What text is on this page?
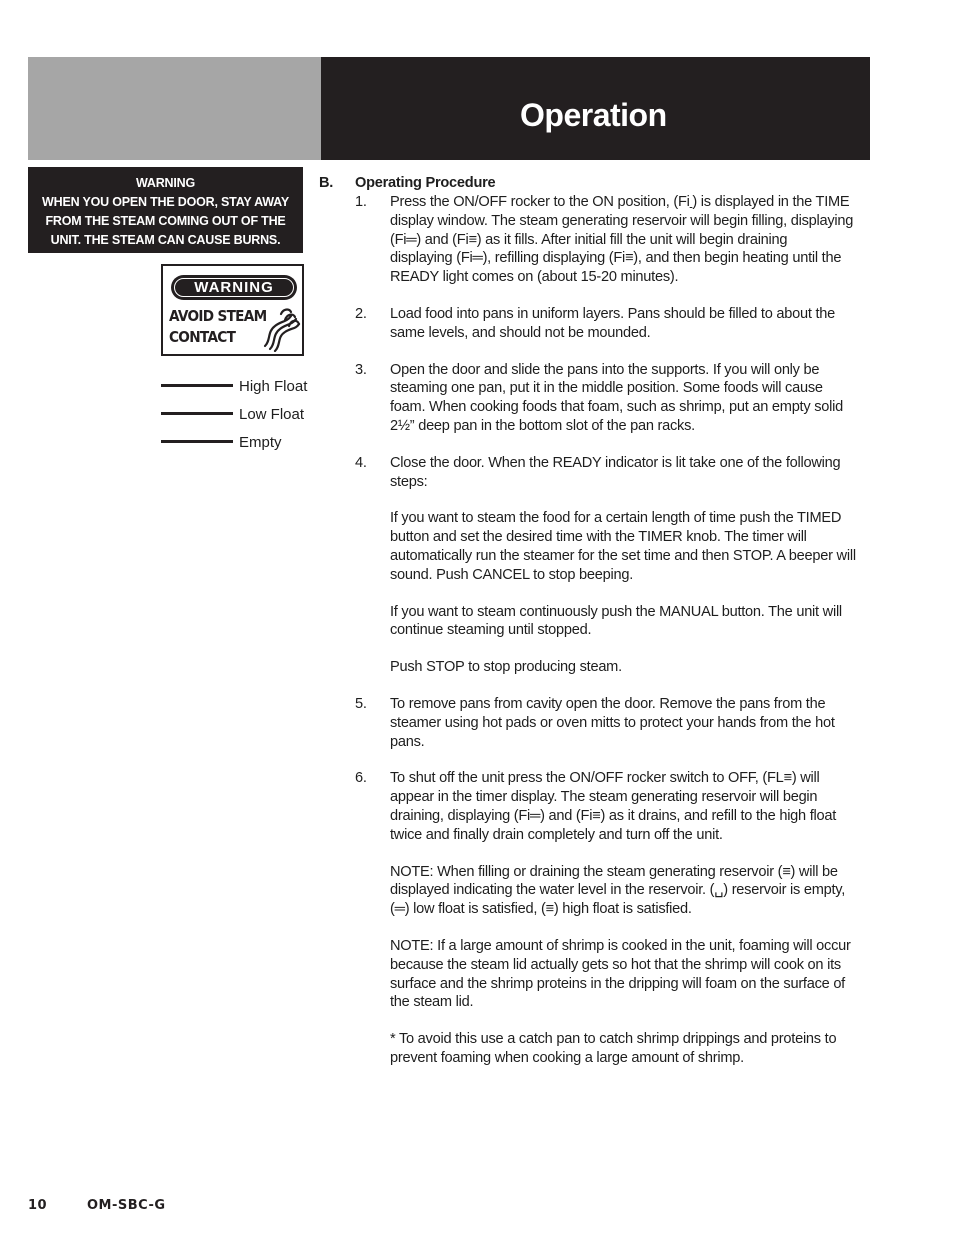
Operation
WARNING
WHEN YOU OPEN THE DOOR, STAY AWAY
FROM THE STEAM COMING OUT OF THE
UNIT. THE STEAM CAN CAUSE BURNS.
WARNING
AVOID STEAM
CONTACT
High Float
Low Float
Empty
B. Operating Procedure
1. Press the ON/OFF rocker to the ON position, (Fi  ) is displayed in the TIME
display window. The steam generating reservoir will begin filling, displaying
(Fi═) and (Fi≡) as it fills. After initial fill the unit will begin draining
displaying (Fi═), refilling displaying (Fi≡), and then begin heating until the
READY light comes on (about 15-20 minutes).
2. Load food into pans in uniform layers. Pans should be filled to about the
same levels, and should not be mounded.
3. Open the door and slide the pans into the supports. If you will only be
steaming one pan, put it in the middle position. Some foods will cause
foam. When cooking foods that foam, such as shrimp, put an empty solid
2½” deep pan in the bottom slot of the pan racks.
4. Close the door. When the READY indicator is lit take one of the following steps:
If you want to steam the food for a certain length of time push the TIMED
button and set the desired time with the TIMER knob. The timer will
automatically run the steamer for the set time and then STOP. A beeper will
sound. Push CANCEL to stop beeping.
If you want to steam continuously push the MANUAL button. The unit will
continue steaming until stopped.
Push STOP to stop producing steam.
5. To remove pans from cavity open the door. Remove the pans from the
steamer using hot pads or oven mitts to protect your hands from the hot
pans.
6. To shut off the unit press the ON/OFF rocker switch to OFF, (FL≡) will
appear in the timer display. The steam generating reservoir will begin
draining, displaying (Fi═) and (Fi≡) as it drains, and refill to the high float
twice and finally drain completely and turn off the unit.
NOTE: When filling or draining the steam generating reservoir (≡) will be
displayed indicating the water level in the reservoir. (␣) reservoir is empty,
(═) low float is satisfied, (≡) high float is satisfied.
NOTE: If a large amount of shrimp is cooked in the unit, foaming will occur
because the steam lid actually gets so hot that the shrimp will cook on its
surface and the shrimp proteins in the dripping will foam on the surface of
the steam lid.
* To avoid this use a catch pan to catch shrimp drippings and proteins to
prevent foaming when cooking a large amount of shrimp.
10	OM-SBC-G
